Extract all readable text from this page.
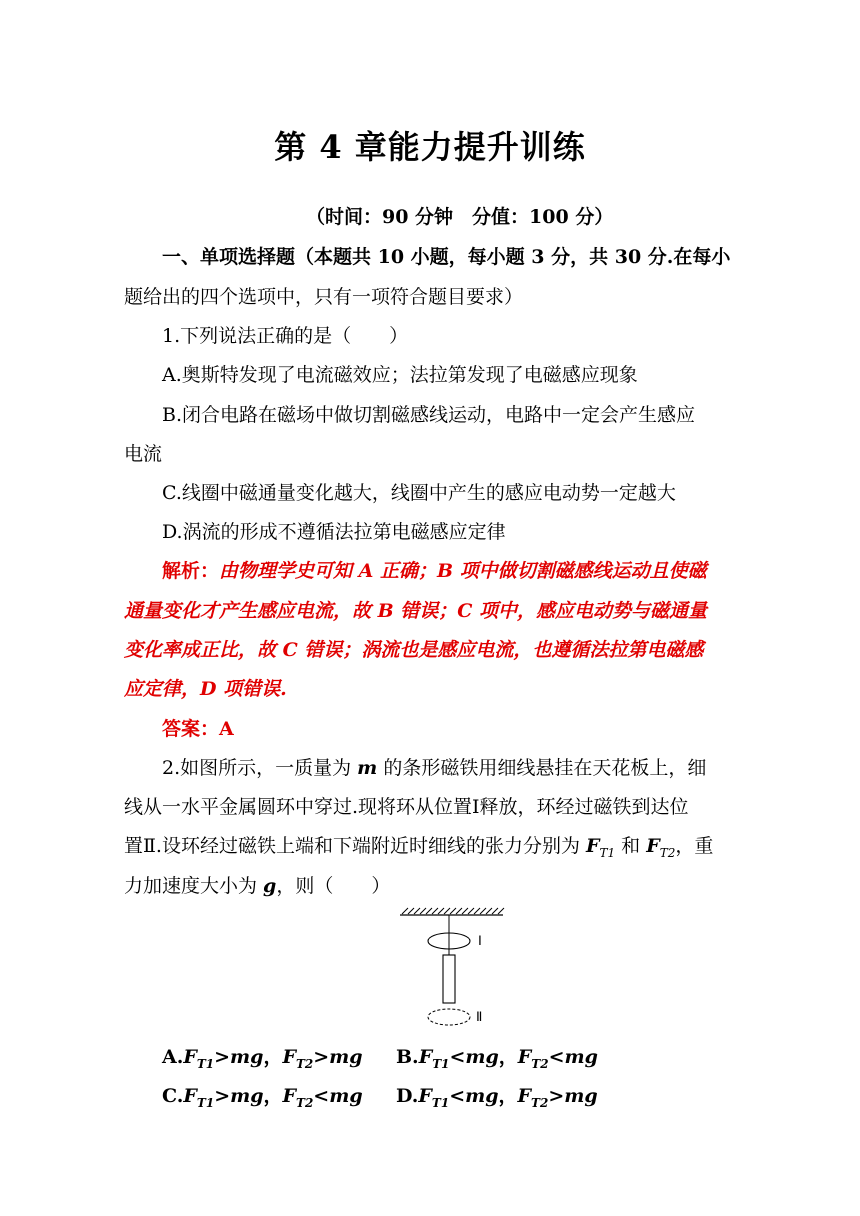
第 4 章能力提升训练
（时间：90 分钟　分值：100 分）
一、单项选择题（本题共 10 小题，每小题 3 分，共 30 分.在每小
题给出的四个选项中，只有一项符合题目要求）
1.下列说法正确的是（　　）
A.奥斯特发现了电流磁效应；法拉第发现了电磁感应现象
B.闭合电路在磁场中做切割磁感线运动，电路中一定会产生感应
电流
C.线圈中磁通量变化越大，线圈中产生的感应电动势一定越大
D.涡流的形成不遵循法拉第电磁感应定律
解析：由物理学史可知 A 正确；B 项中做切割磁感线运动且使磁
通量变化才产生感应电流，故 B 错误；C 项中，感应电动势与磁通量
变化率成正比，故 C 错误；涡流也是感应电流，也遵循法拉第电磁感
应定律，D 项错误.
答案：A
2.如图所示，一质量为 m 的条形磁铁用细线悬挂在天花板上，细
线从一水平金属圆环中穿过.现将环从位置Ⅰ释放，环经过磁铁到达位
置Ⅱ.设环经过磁铁上端和下端附近时细线的张力分别为 $F_{T1}$ 和 $F_{T2}$，重
力加速度大小为 g，则（　　）
Ⅰ
Ⅱ
$A.F_{T1}>mg$，$F_{T2}>mg$ $B.F_{T1}<mg$，$F_{T2}<mg$
$C.F_{T1}>mg$，$F_{T2}<mg$ $D.F_{T1}<mg$，$F_{T2}>mg$
